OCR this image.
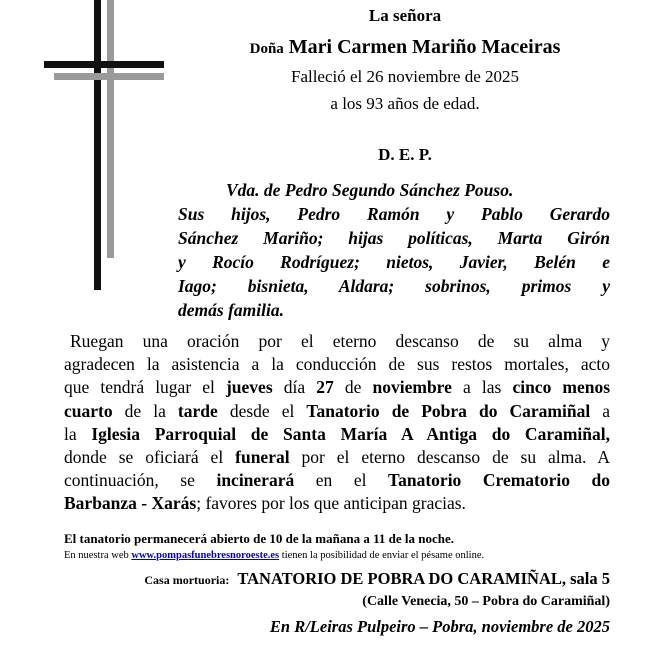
La señora
Doña Mari Carmen Mariño Maceiras
Falleció el 26 noviembre de 2025
a los 93 años de edad.
D. E. P.
Vda. de Pedro Segundo Sánchez Pouso.
Sus hijos, Pedro Ramón y Pablo Gerardo
Sánchez Mariño; hijas políticas, Marta Girón
y Rocío Rodríguez; nietos, Javier, Belén e
Iago; bisnieta, Aldara; sobrinos, primos y
demás familia.
Ruegan una oración por el eterno descanso de su alma y
agradecen la asistencia a la conducción de sus restos mortales, acto
que tendrá lugar el jueves día 27 de noviembre a las cinco menos
cuarto de la tarde desde el Tanatorio de Pobra do Caramiñal a
la Iglesia Parroquial de Santa María A Antiga do Caramiñal,
donde se oficiará el funeral por el eterno descanso de su alma. A
continuación, se incinerará en el Tanatorio Crematorio do
Barbanza - Xarás; favores por los que anticipan gracias.
El tanatorio permanecerá abierto de 10 de la mañana a 11 de la noche.
En nuestra web www.pompasfunebresnoroeste.es tienen la posibilidad de enviar el pésame online.
Casa mortuoria: TANATORIO DE POBRA DO CARAMIÑAL, sala 5
(Calle Venecia, 50 – Pobra do Caramiñal)
En R/Leiras Pulpeiro – Pobra, noviembre de 2025
